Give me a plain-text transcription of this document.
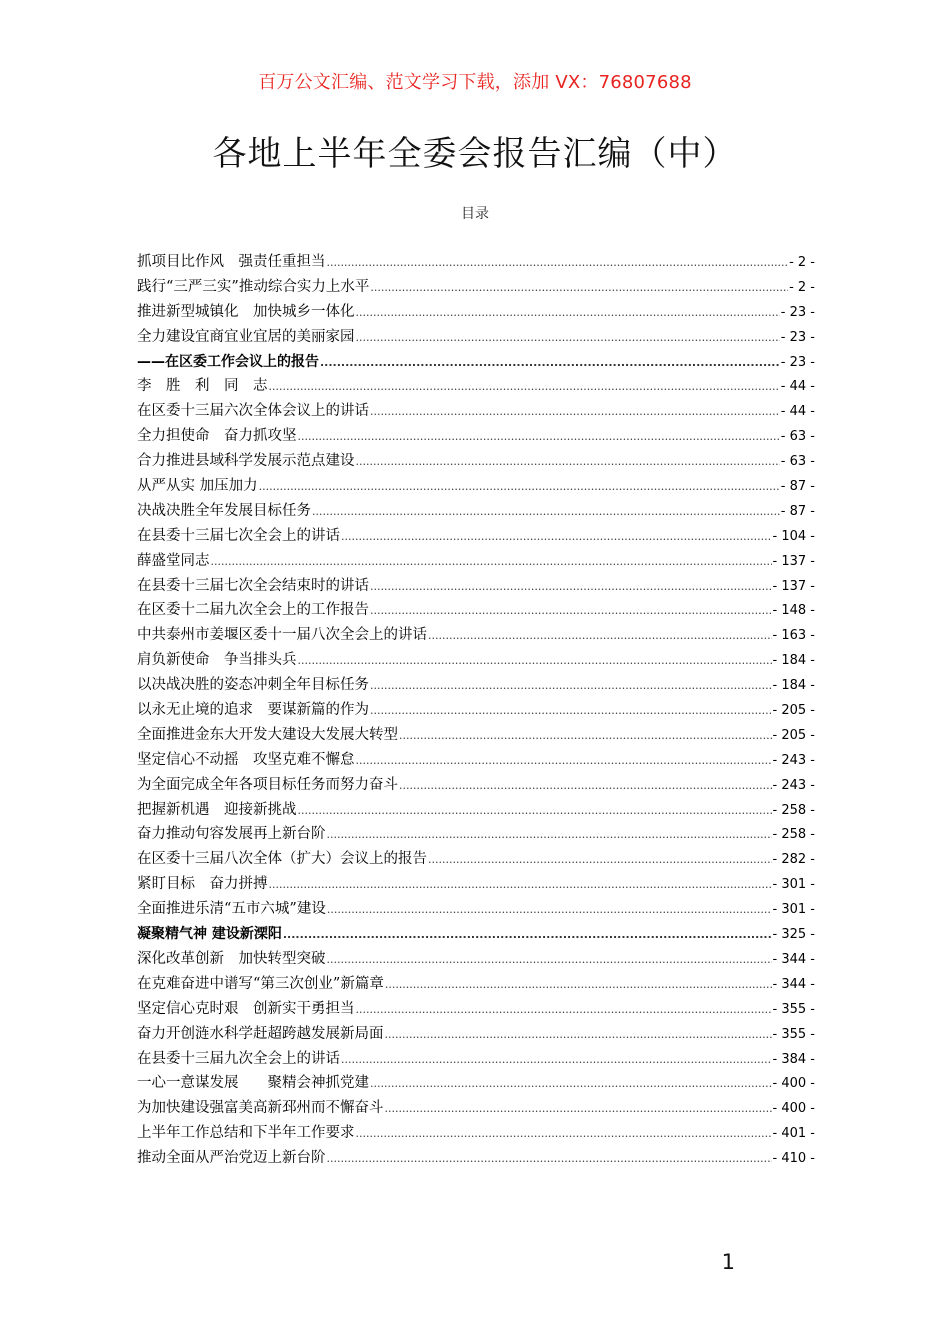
百万公文汇编、范文学习下载，添加 VX：76807688
各地上半年全委会报告汇编（中）
目录
抓项目比作风　强责任重担当 .....	- 2 -
践行“三严三实”推动综合实力上水平 .....	- 2 -
推进新型城镇化　加快城乡一体化 .....	- 23 -
全力建设宜商宜业宜居的美丽家园 .....	- 23 -
——在区委工作会议上的报告 .....	- 23 -
李　胜　利　同　志 .....	- 44 -
在区委十三届六次全体会议上的讲话 .....	- 44 -
全力担使命　奋力抓攻坚 .....	- 63 -
合力推进县域科学发展示范点建设 .....	- 63 -
从严从实 加压加力 .....	- 87 -
决战决胜全年发展目标任务 .....	- 87 -
在县委十三届七次全会上的讲话 .....	- 104 -
薛盛堂同志 .....	- 137 -
在县委十三届七次全会结束时的讲话 .....	- 137 -
在区委十二届九次全会上的工作报告 .....	- 148 -
中共泰州市姜堰区委十一届八次全会上的讲话 .....	- 163 -
肩负新使命　争当排头兵 .....	- 184 -
以决战决胜的姿态冲刺全年目标任务 .....	- 184 -
以永无止境的追求　要谋新篇的作为 .....	- 205 -
全面推进金东大开发大建设大发展大转型 .....	- 205 -
坚定信心不动摇　攻坚克难不懈怠 .....	- 243 -
为全面完成全年各项目标任务而努力奋斗 .....	- 243 -
把握新机遇　迎接新挑战 .....	- 258 -
奋力推动句容发展再上新台阶 .....	- 258 -
在区委十三届八次全体（扩大）会议上的报告 .....	- 282 -
紧盯目标　奋力拼搏 .....	- 301 -
全面推进乐清“五市六城”建设 .....	- 301 -
凝聚精气神 建设新溧阳 .....	- 325 -
深化改革创新　加快转型突破 .....	- 344 -
在克难奋进中谱写“第三次创业”新篇章 .....	- 344 -
坚定信心克时艰　创新实干勇担当 .....	- 355 -
奋力开创涟水科学赶超跨越发展新局面 .....	- 355 -
在县委十三届九次全会上的讲话 .....	- 384 -
一心一意谋发展　　聚精会神抓党建 .....	- 400 -
为加快建设强富美高新邳州而不懈奋斗 .....	- 400 -
上半年工作总结和下半年工作要求 .....	- 401 -
推动全面从严治党迈上新台阶 .....	- 410 -
1
